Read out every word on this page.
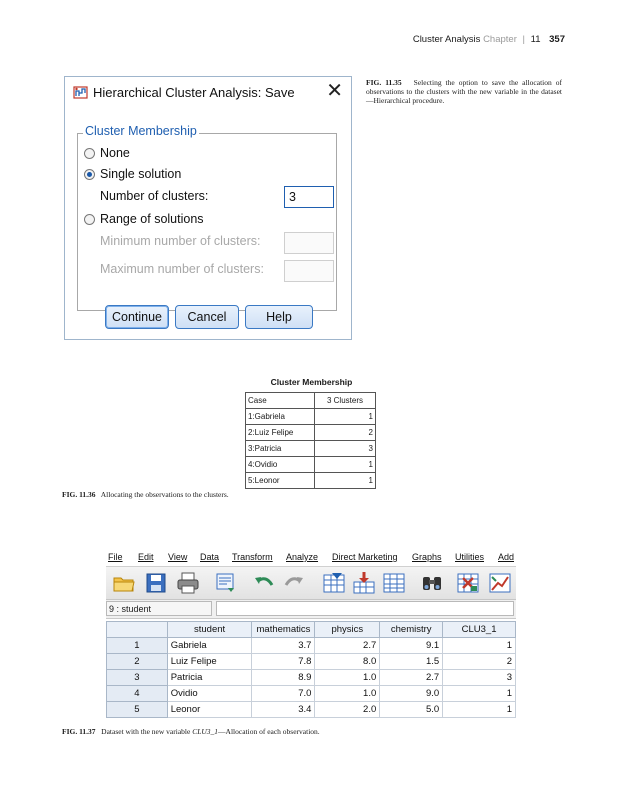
Cluster Analysis Chapter | 11 357
Hierarchical Cluster Analysis: Save ✕
Cluster Membership
None
Single solution
Number of clusters:	3
Range of solutions
Minimum number of clusters:
Maximum number of clusters:
Continue	Cancel	Help
FIG. 11.35 Selecting the option to save the allocation of observations to the clusters with the new variable in the dataset—Hierarchical procedure.
Cluster Membership
Case	3 Clusters
1:Gabriela	1
2:Luiz Felipe	2
3:Patricia	3
4:Ovidio	1
5:Leonor	1
FIG. 11.36 Allocating the observations to the clusters.
File Edit View Data Transform Analyze Direct Marketing Graphs Utilities Add
9 : student
	student	mathematics	physics	chemistry	CLU3_1
1	Gabriela	3.7	2.7	9.1	1
2	Luiz Felipe	7.8	8.0	1.5	2
3	Patricia	8.9	1.0	2.7	3
4	Ovidio	7.0	1.0	9.0	1
5	Leonor	3.4	2.0	5.0	1
FIG. 11.37 Dataset with the new variable CLU3_1—Allocation of each observation.
